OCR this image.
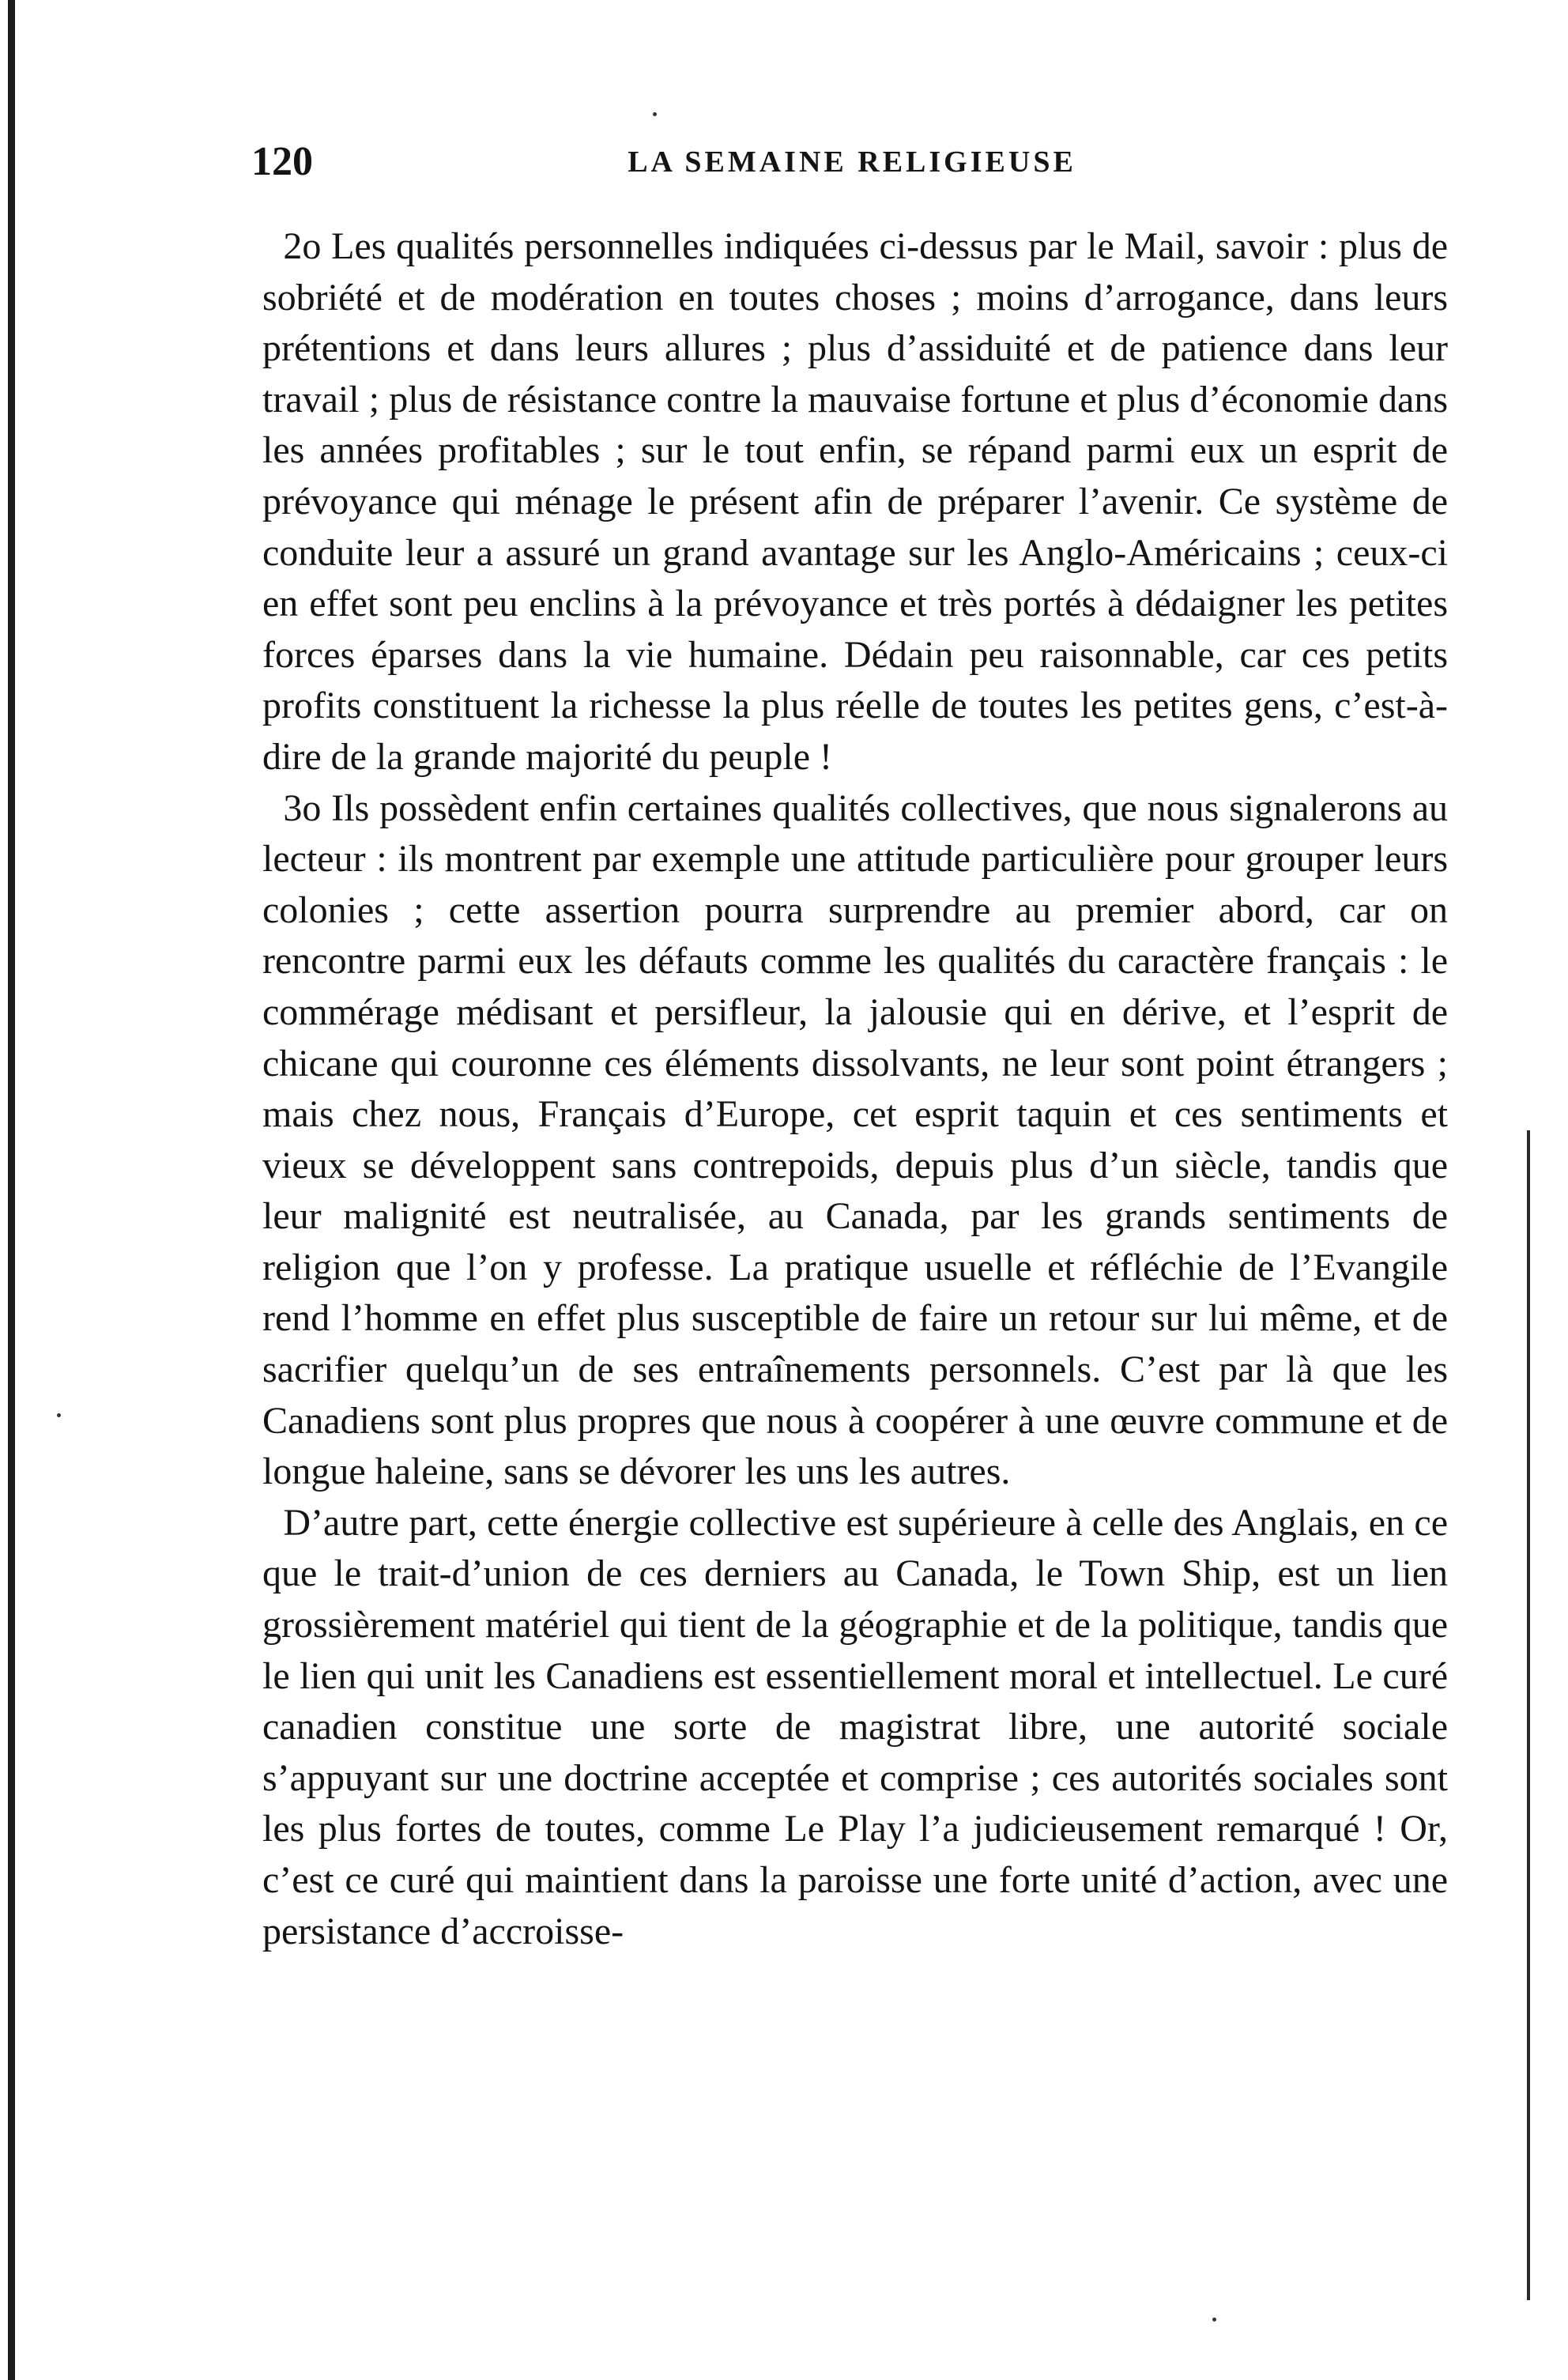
120	LA SEMAINE RELIGIEUSE

2o Les qualités personnelles indiquées ci-dessus par le Mail, savoir : plus de sobriété et de modération en toutes choses ; moins d’arrogance, dans leurs prétentions et dans leurs allures ; plus d’assiduité et de patience dans leur travail ; plus de résistance contre la mauvaise fortune et plus d’économie dans les années profitables ; sur le tout enfin, se répand parmi eux un esprit de prévoyance qui ménage le présent afin de préparer l’avenir. Ce système de conduite leur a assuré un grand avantage sur les Anglo-Américains ; ceux-ci en effet sont peu enclins à la prévoyance et très portés à dédaigner les petites forces éparses dans la vie humaine. Dédain peu raisonnable, car ces petits profits constituent la richesse la plus réelle de toutes les petites gens, c’est-à-dire de la grande majorité du peuple !

3o Ils possèdent enfin certaines qualités collectives, que nous signalerons au lecteur : ils montrent par exemple une attitude particulière pour grouper leurs colonies ; cette assertion pourra surprendre au premier abord, car on rencontre parmi eux les défauts comme les qualités du caractère français : le commérage médisant et persifleur, la jalousie qui en dérive, et l’esprit de chicane qui couronne ces éléments dissolvants, ne leur sont point étrangers ; mais chez nous, Français d’Europe, cet esprit taquin et ces sentiments et vieux se développent sans contrepoids, depuis plus d’un siècle, tandis que leur malignité est neutralisée, au Canada, par les grands sentiments de religion que l’on y professe. La pratique usuelle et réfléchie de l’Evangile rend l’homme en effet plus susceptible de faire un retour sur lui même, et de sacrifier quelqu’un de ses entraînements personnels. C’est par là que les Canadiens sont plus propres que nous à coopérer à une œuvre commune et de longue haleine, sans se dévorer les uns les autres.

D’autre part, cette énergie collective est supérieure à celle des Anglais, en ce que le trait-d’union de ces derniers au Canada, le Town Ship, est un lien grossièrement matériel qui tient de la géographie et de la politique, tandis que le lien qui unit les Canadiens est essentiellement moral et intellectuel. Le curé canadien constitue une sorte de magistrat libre, une autorité sociale s’appuyant sur une doctrine acceptée et comprise ; ces autorités sociales sont les plus fortes de toutes, comme Le Play l’a judicieusement remarqué ! Or, c’est ce curé qui maintient dans la paroisse une forte unité d’action, avec une persistance d’accroisse-
